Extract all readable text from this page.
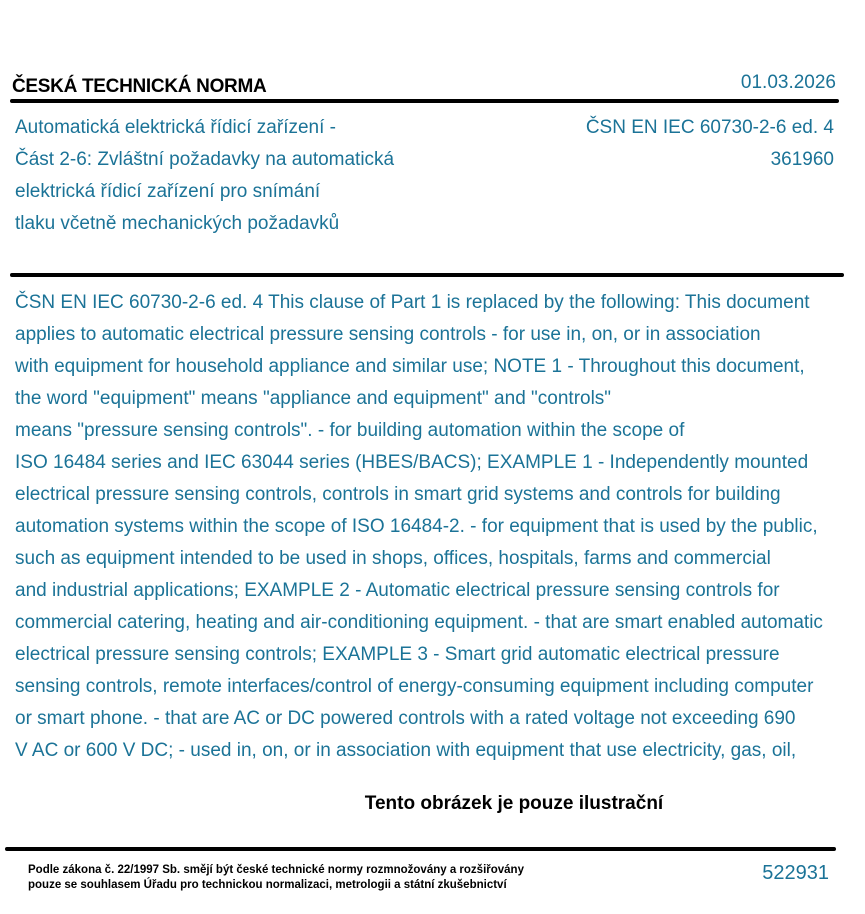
ČESKÁ TECHNICKÁ NORMA	01.03.2026
Automatická elektrická řídicí zařízení -
Část 2-6: Zvláštní požadavky na automatická
elektrická řídicí zařízení pro snímání
tlaku včetně mechanických požadavků
ČSN EN IEC 60730-2-6 ed. 4
361960
ČSN EN IEC 60730-2-6 ed. 4 This clause of Part 1 is replaced by the following: This document
applies to automatic electrical pressure sensing controls - for use in, on, or in association
with equipment for household appliance and similar use; NOTE 1 - Throughout this document,
the word "equipment" means "appliance and equipment" and "controls"
means "pressure sensing controls". - for building automation within the scope of
ISO 16484 series and IEC 63044 series (HBES/BACS); EXAMPLE 1 - Independently mounted
electrical pressure sensing controls, controls in smart grid systems and controls for building
automation systems within the scope of ISO 16484-2. - for equipment that is used by the public,
such as equipment intended to be used in shops, offices, hospitals, farms and commercial
and industrial applications; EXAMPLE 2 - Automatic electrical pressure sensing controls for
commercial catering, heating and air-conditioning equipment. - that are smart enabled automatic
electrical pressure sensing controls; EXAMPLE 3 - Smart grid automatic electrical pressure
sensing controls, remote interfaces/control of energy-consuming equipment including computer
or smart phone. - that are AC or DC powered controls with a rated voltage not exceeding 690
V AC or 600 V DC; - used in, on, or in association with equipment that use electricity, gas, oil,
Tento obrázek je pouze ilustrační
Podle zákona č. 22/1997 Sb. smějí být české technické normy rozmnožovány a rozšiřovány
pouze se souhlasem Úřadu pro technickou normalizaci, metrologii a státní zkušebnictví
522931
